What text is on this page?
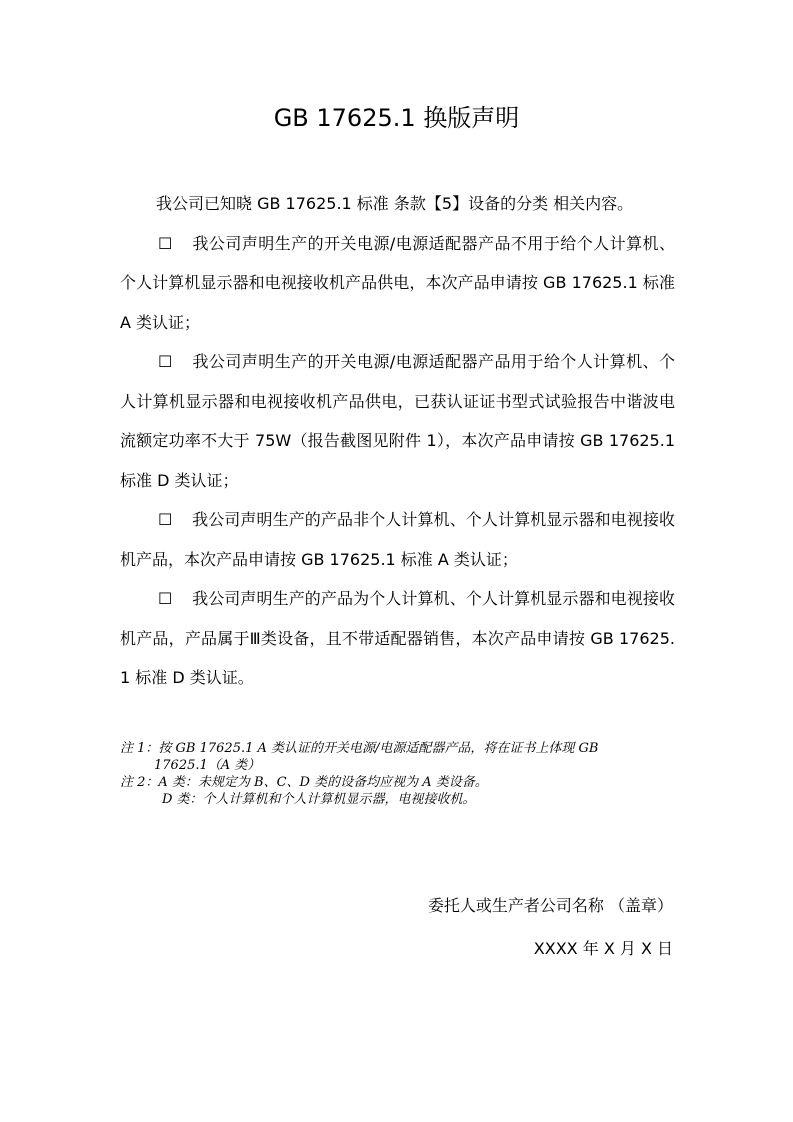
GB 17625.1 换版声明

我公司已知晓 GB 17625.1 标准 条款【5】设备的分类 相关内容。

☐ 我公司声明生产的开关电源/电源适配器产品不用于给个人计算机、个人计算机显示器和电视接收机产品供电，本次产品申请按 GB 17625.1 标准 A 类认证；

☐ 我公司声明生产的开关电源/电源适配器产品用于给个人计算机、个人计算机显示器和电视接收机产品供电，已获认证证书型式试验报告中谐波电流额定功率不大于 75W（报告截图见附件 1），本次产品申请按 GB 17625.1 标准 D 类认证；

☐ 我公司声明生产的产品非个人计算机、个人计算机显示器和电视接收机产品，本次产品申请按 GB 17625.1 标准 A 类认证；

☐ 我公司声明生产的产品为个人计算机、个人计算机显示器和电视接收机产品，产品属于Ⅲ类设备，且不带适配器销售，本次产品申请按 GB 17625.1 标准 D 类认证。

注 1：按 GB 17625.1 A 类认证的开关电源/电源适配器产品，将在证书上体现 GB

17625.1（A 类）

注 2：A 类：未规定为 B、C、D 类的设备均应视为 A 类设备。

D 类：个人计算机和个人计算机显示器，电视接收机。

委托人或生产者公司名称 （盖章）
XXXX 年 X 月 X 日
